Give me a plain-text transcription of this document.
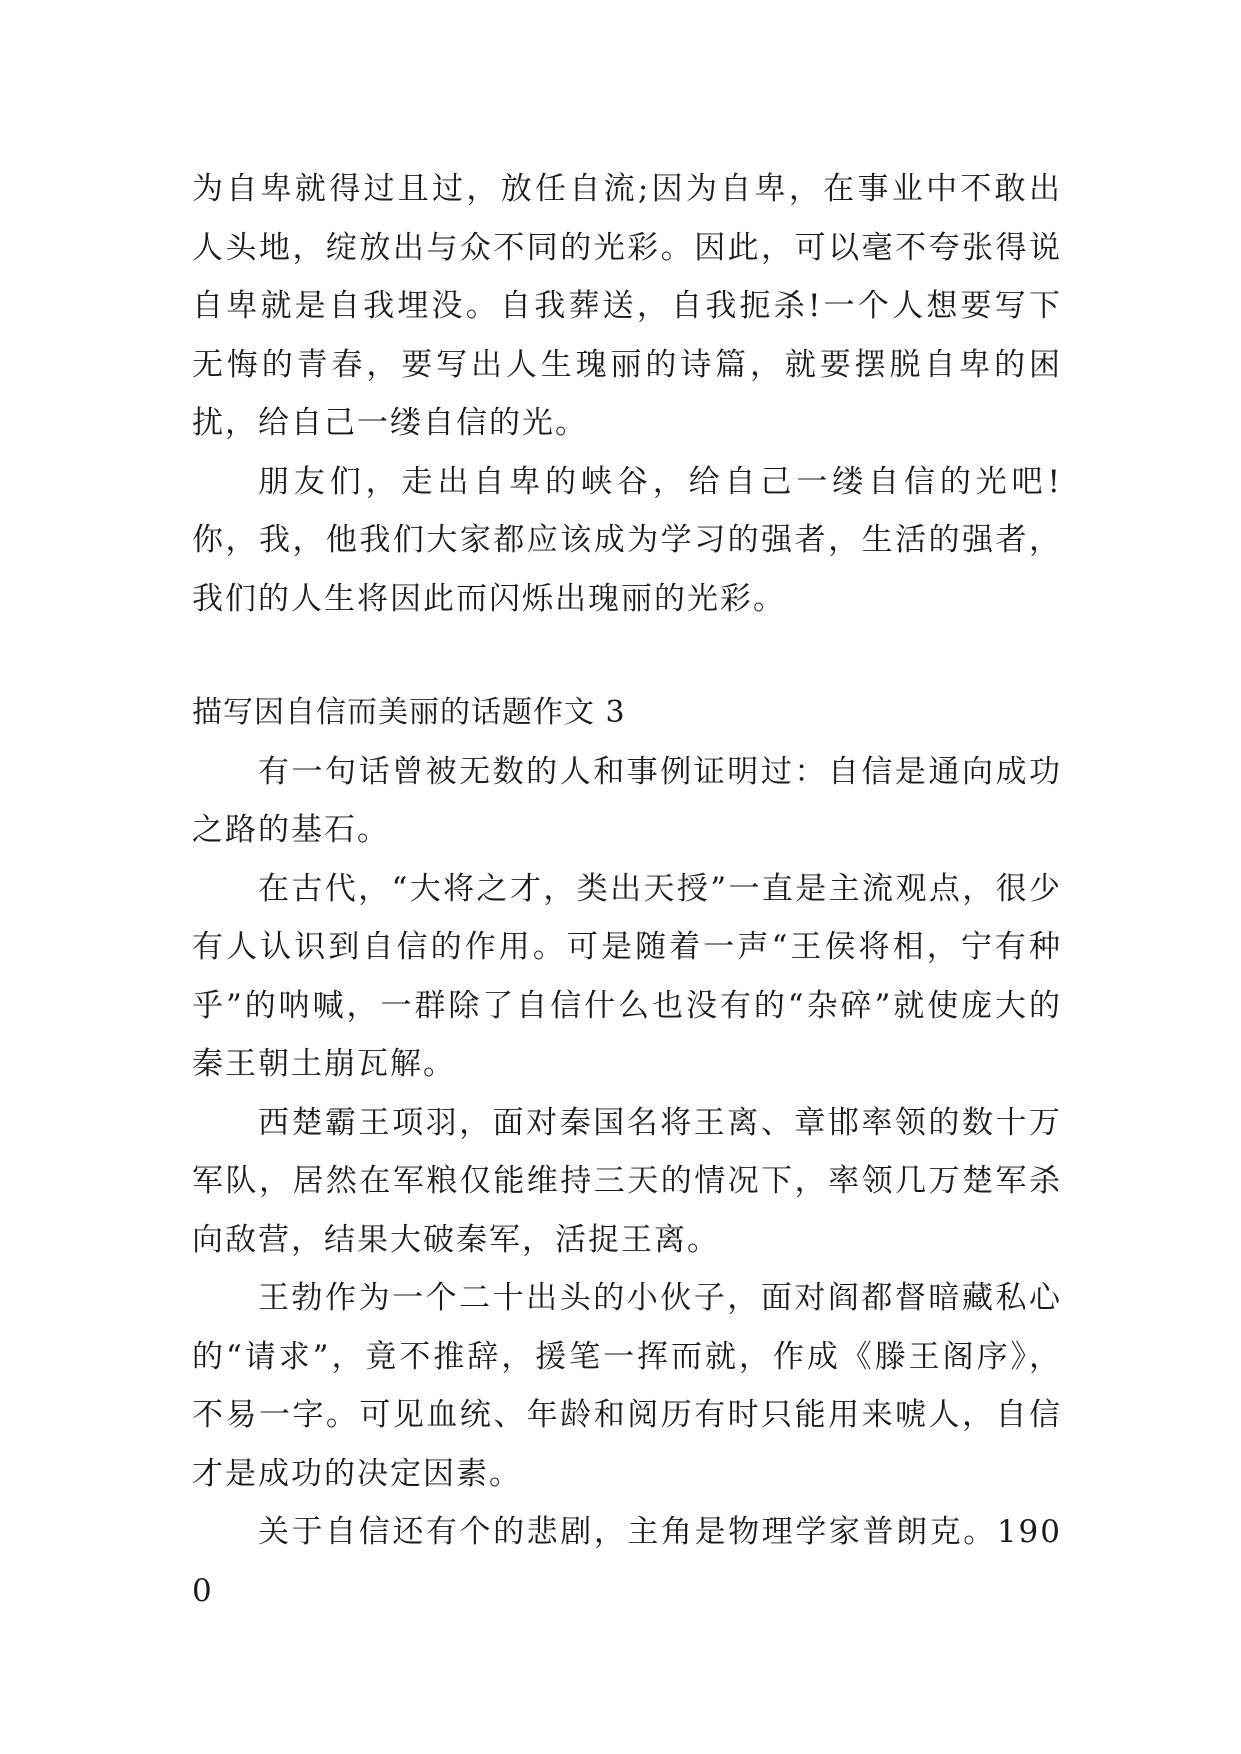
为自卑就得过且过，放任自流;因为自卑，在事业中不敢出人头地，绽放出与众不同的光彩。因此，可以毫不夸张得说自卑就是自我埋没。自我葬送，自我扼杀!一个人想要写下无悔的青春，要写出人生瑰丽的诗篇，就要摆脱自卑的困扰，给自己一缕自信的光。

朋友们，走出自卑的峡谷，给自己一缕自信的光吧!你，我，他我们大家都应该成为学习的强者，生活的强者，我们的人生将因此而闪烁出瑰丽的光彩。

描写因自信而美丽的话题作文 3

有一句话曾被无数的人和事例证明过：自信是通向成功之路的基石。

在古代，“大将之才，类出天授”一直是主流观点，很少有人认识到自信的作用。可是随着一声“王侯将相，宁有种乎”的呐喊，一群除了自信什么也没有的“杂碎”就使庞大的秦王朝土崩瓦解。

西楚霸王项羽，面对秦国名将王离、章邯率领的数十万军队，居然在军粮仅能维持三天的情况下，率领几万楚军杀向敌营，结果大破秦军，活捉王离。

王勃作为一个二十出头的小伙子，面对阎都督暗藏私心的“请求”，竟不推辞，援笔一挥而就，作成《滕王阁序》，不易一字。可见血统、年龄和阅历有时只能用来唬人，自信才是成功的决定因素。

关于自信还有个的悲剧，主角是物理学家普朗克。1900
